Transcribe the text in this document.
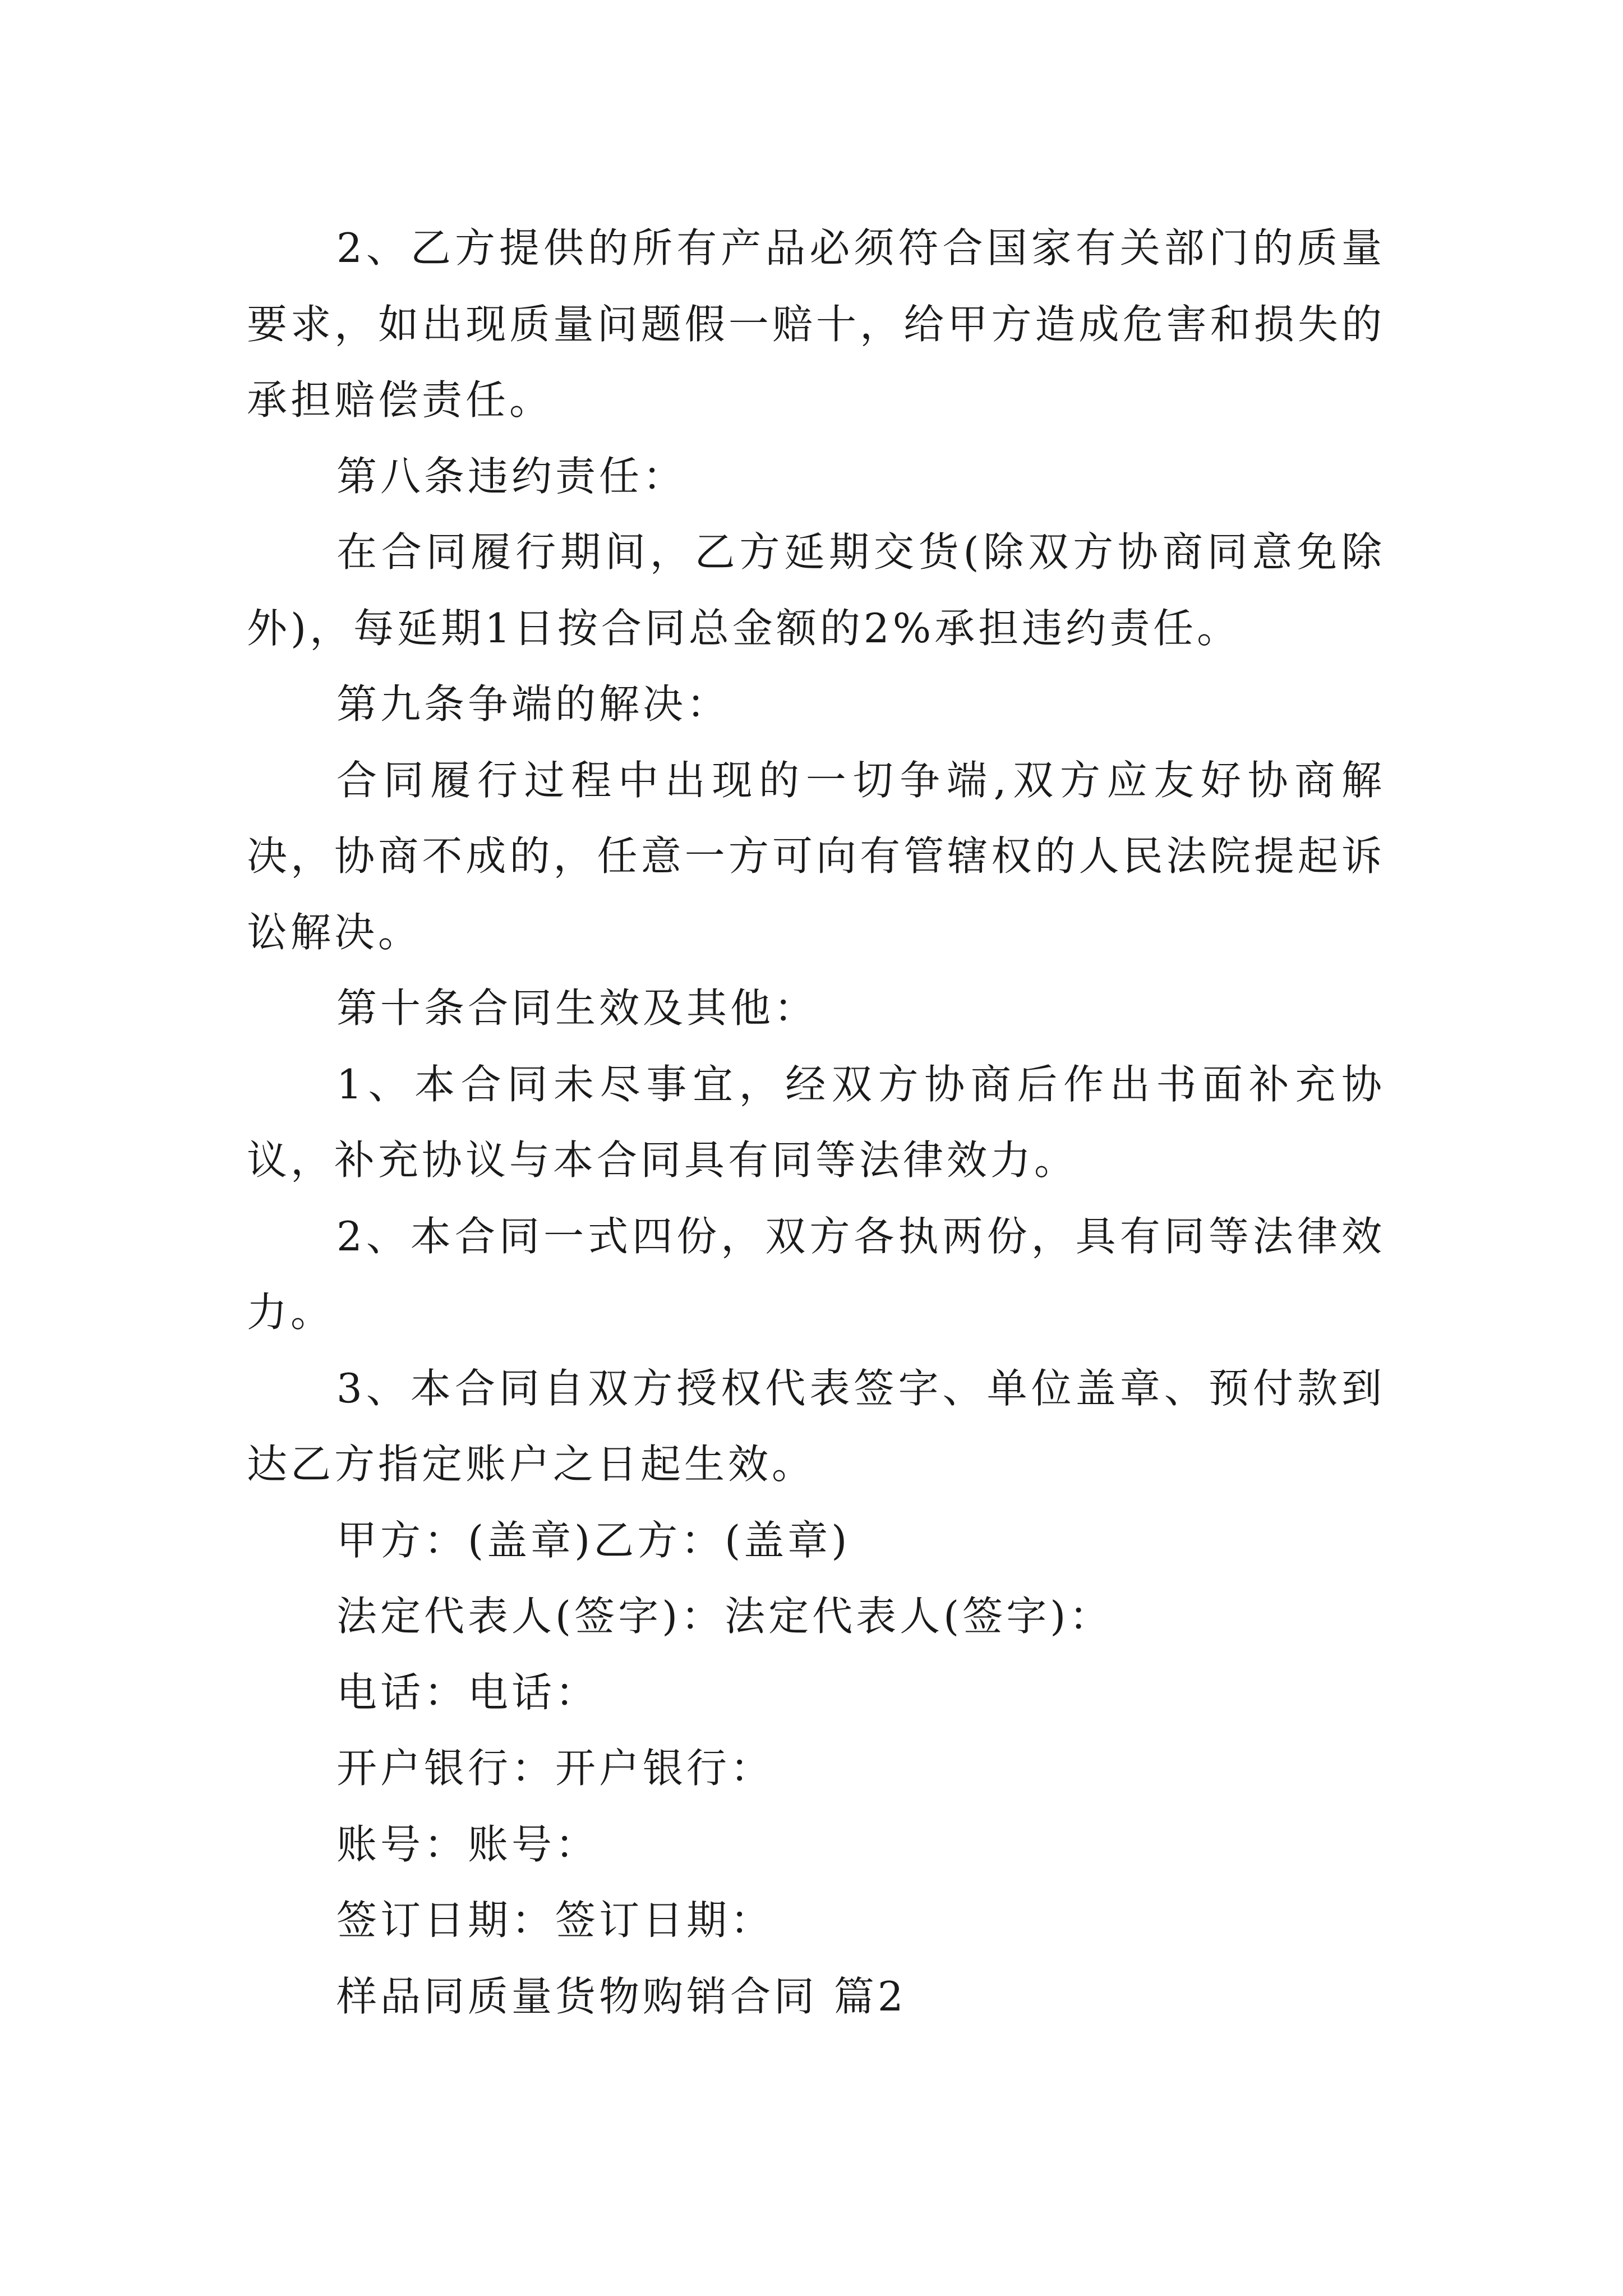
2、乙方提供的所有产品必须符合国家有关部门的质量要求，如出现质量问题假一赔十，给甲方造成危害和损失的承担赔偿责任。

第八条违约责任：

在合同履行期间，乙方延期交货(除双方协商同意免除外)，每延期1日按合同总金额的2%承担违约责任。

第九条争端的解决：

合同履行过程中出现的一切争端,双方应友好协商解决，协商不成的，任意一方可向有管辖权的人民法院提起诉讼解决。

第十条合同生效及其他：

1、本合同未尽事宜，经双方协商后作出书面补充协议，补充协议与本合同具有同等法律效力。

2、本合同一式四份，双方各执两份，具有同等法律效力。

3、本合同自双方授权代表签字、单位盖章、预付款到达乙方指定账户之日起生效。

甲方：(盖章)乙方：(盖章)

法定代表人(签字)：法定代表人(签字)：

电话：电话：

开户银行：开户银行：

账号：账号：

签订日期：签订日期：

样品同质量货物购销合同 篇2
